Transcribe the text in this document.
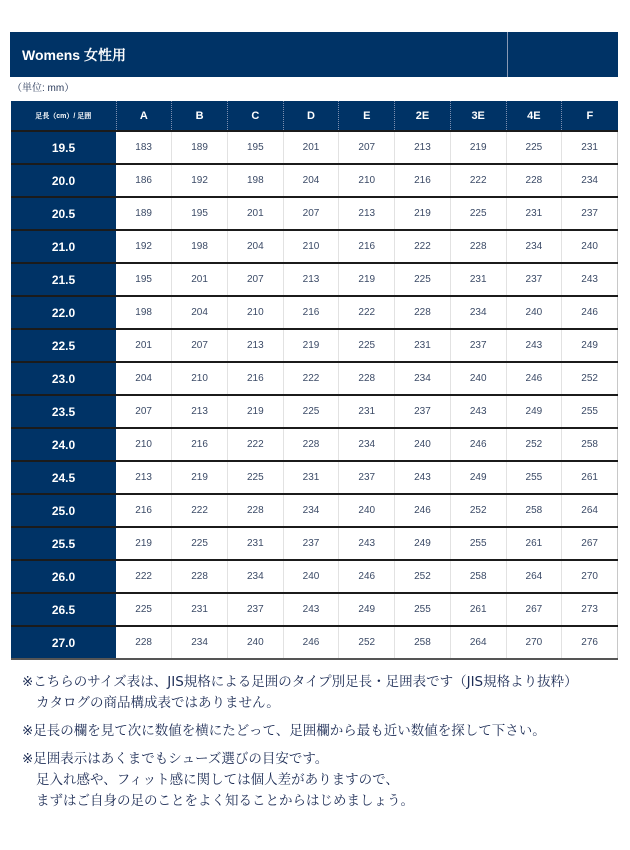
Womens 女性用
（単位: mm）
足長（cm）/ 足囲	A	B	C	D	E	2E	3E	4E	F
19.5	183	189	195	201	207	213	219	225	231
20.0	186	192	198	204	210	216	222	228	234
20.5	189	195	201	207	213	219	225	231	237
21.0	192	198	204	210	216	222	228	234	240
21.5	195	201	207	213	219	225	231	237	243
22.0	198	204	210	216	222	228	234	240	246
22.5	201	207	213	219	225	231	237	243	249
23.0	204	210	216	222	228	234	240	246	252
23.5	207	213	219	225	231	237	243	249	255
24.0	210	216	222	228	234	240	246	252	258
24.5	213	219	225	231	237	243	249	255	261
25.0	216	222	228	234	240	246	252	258	264
25.5	219	225	231	237	243	249	255	261	267
26.0	222	228	234	240	246	252	258	264	270
26.5	225	231	237	243	249	255	261	267	273
27.0	228	234	240	246	252	258	264	270	276
※こちらのサイズ表は、JIS規格による足囲のタイプ別足長・足囲表です（JIS規格より抜粋）
カタログの商品構成表ではありません。
※足長の欄を見て次に数値を横にたどって、足囲欄から最も近い数値を探して下さい。
※足囲表示はあくまでもシューズ選びの目安です。
足入れ感や、フィット感に関しては個人差がありますので、
まずはご自身の足のことをよく知ることからはじめましょう。
